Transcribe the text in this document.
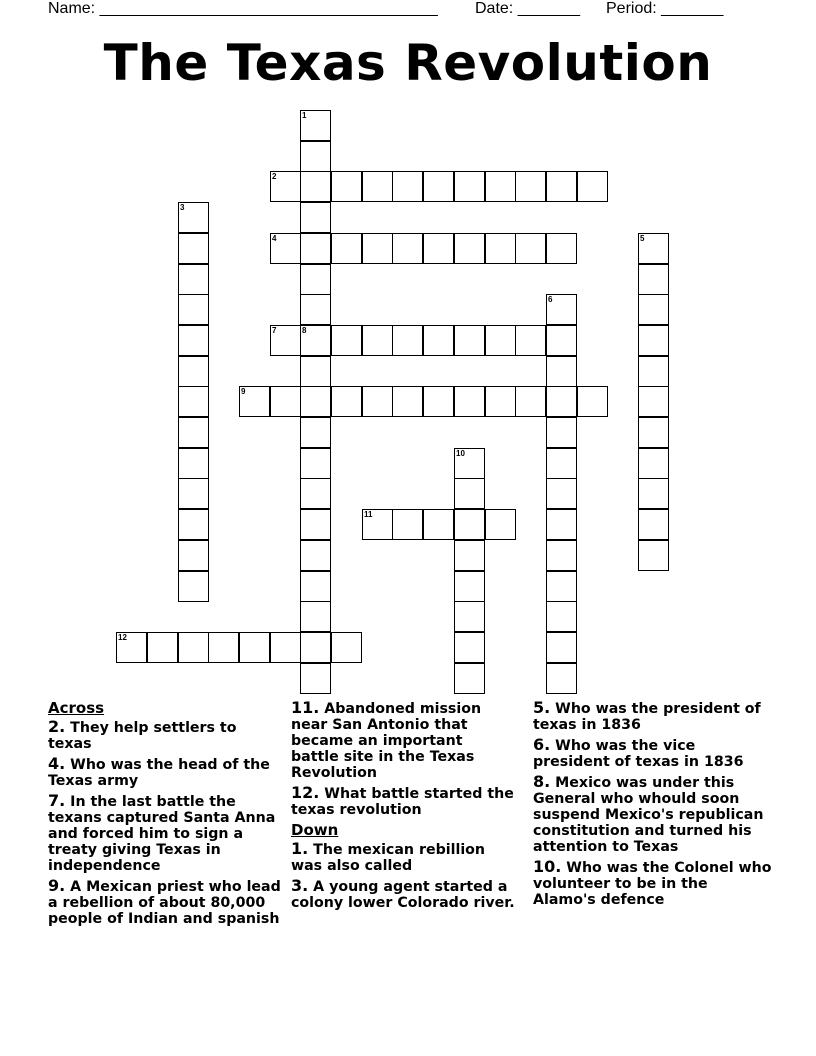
Name: ______________________________________ Date: _______ Period: _______
The Texas Revolution
1
2
3
4	5
6
7	8
9
10
11
12
Across
2. They help settlers to texas
4. Who was the head of the Texas army
7. In the last battle the texans captured Santa Anna and forced him to sign a treaty giving Texas in independence
9. A Mexican priest who lead a rebellion of about 80,000 people of Indian and spanish
11. Abandoned mission near San Antonio that became an important battle site in the Texas Revolution
12. What battle started the texas revolution
Down
1. The mexican rebillion was also called
3. A young agent started a colony lower Colorado river.
5. Who was the president of texas in 1836
6. Who was the vice president of texas in 1836
8. Mexico was under this General who whould soon suspend Mexico's republican constitution and turned his attention to Texas
10. Who was the Colonel who volunteer to be in the Alamo's defence
